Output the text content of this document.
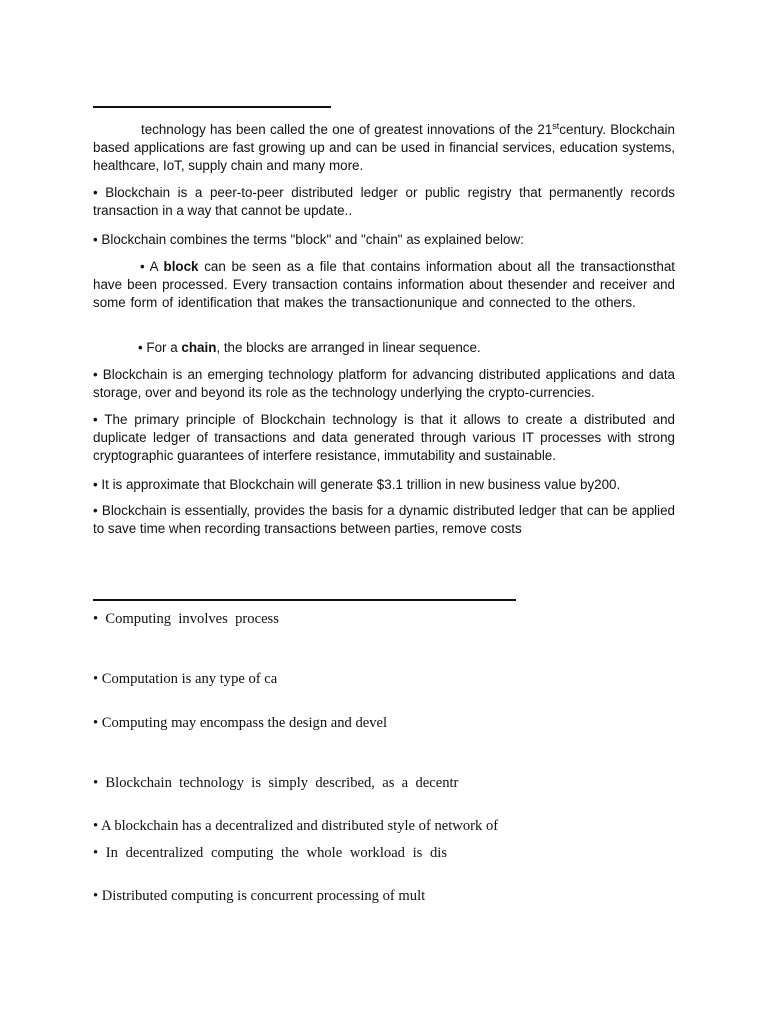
technology has been called the one of greatest innovations of the 21stcentury. Blockchain based applications are fast growing up and can be used in financial services, education systems, healthcare, IoT, supply chain and many more.

• Blockchain is a peer-to-peer distributed ledger or public registry that permanently records transaction in a way that cannot be update..

• Blockchain combines the terms "block" and "chain" as explained below:

• A block can be seen as a file that contains information about all the transactionsthat have been processed. Every transaction contains information about thesender and receiver and some form of identification that makes the transactionunique and connected to the others.

• For a chain, the blocks are arranged in linear sequence.

• Blockchain is an emerging technology platform for advancing distributed applications and data storage, over and beyond its role as the technology underlying the crypto-currencies.

• The primary principle of Blockchain technology is that it allows to create a distributed and duplicate ledger of transactions and data generated through various IT processes with strong cryptographic guarantees of interfere resistance, immutability and sustainable.

• It is approximate that Blockchain will generate $3.1 trillion in new business value by200.

• Blockchain is essentially, provides the basis for a dynamic distributed ledger that can be applied to save time when recording transactions between parties, remove costs

•  Computing  involves  process

• Computation is any type of ca

• Computing may encompass the design and devel

•  Blockchain  technology  is  simply  described,  as  a  decentr

• A blockchain has a decentralized and distributed style of network of

• In decentralized computing the whole workload is dis

• Distributed computing is concurrent processing of mult
